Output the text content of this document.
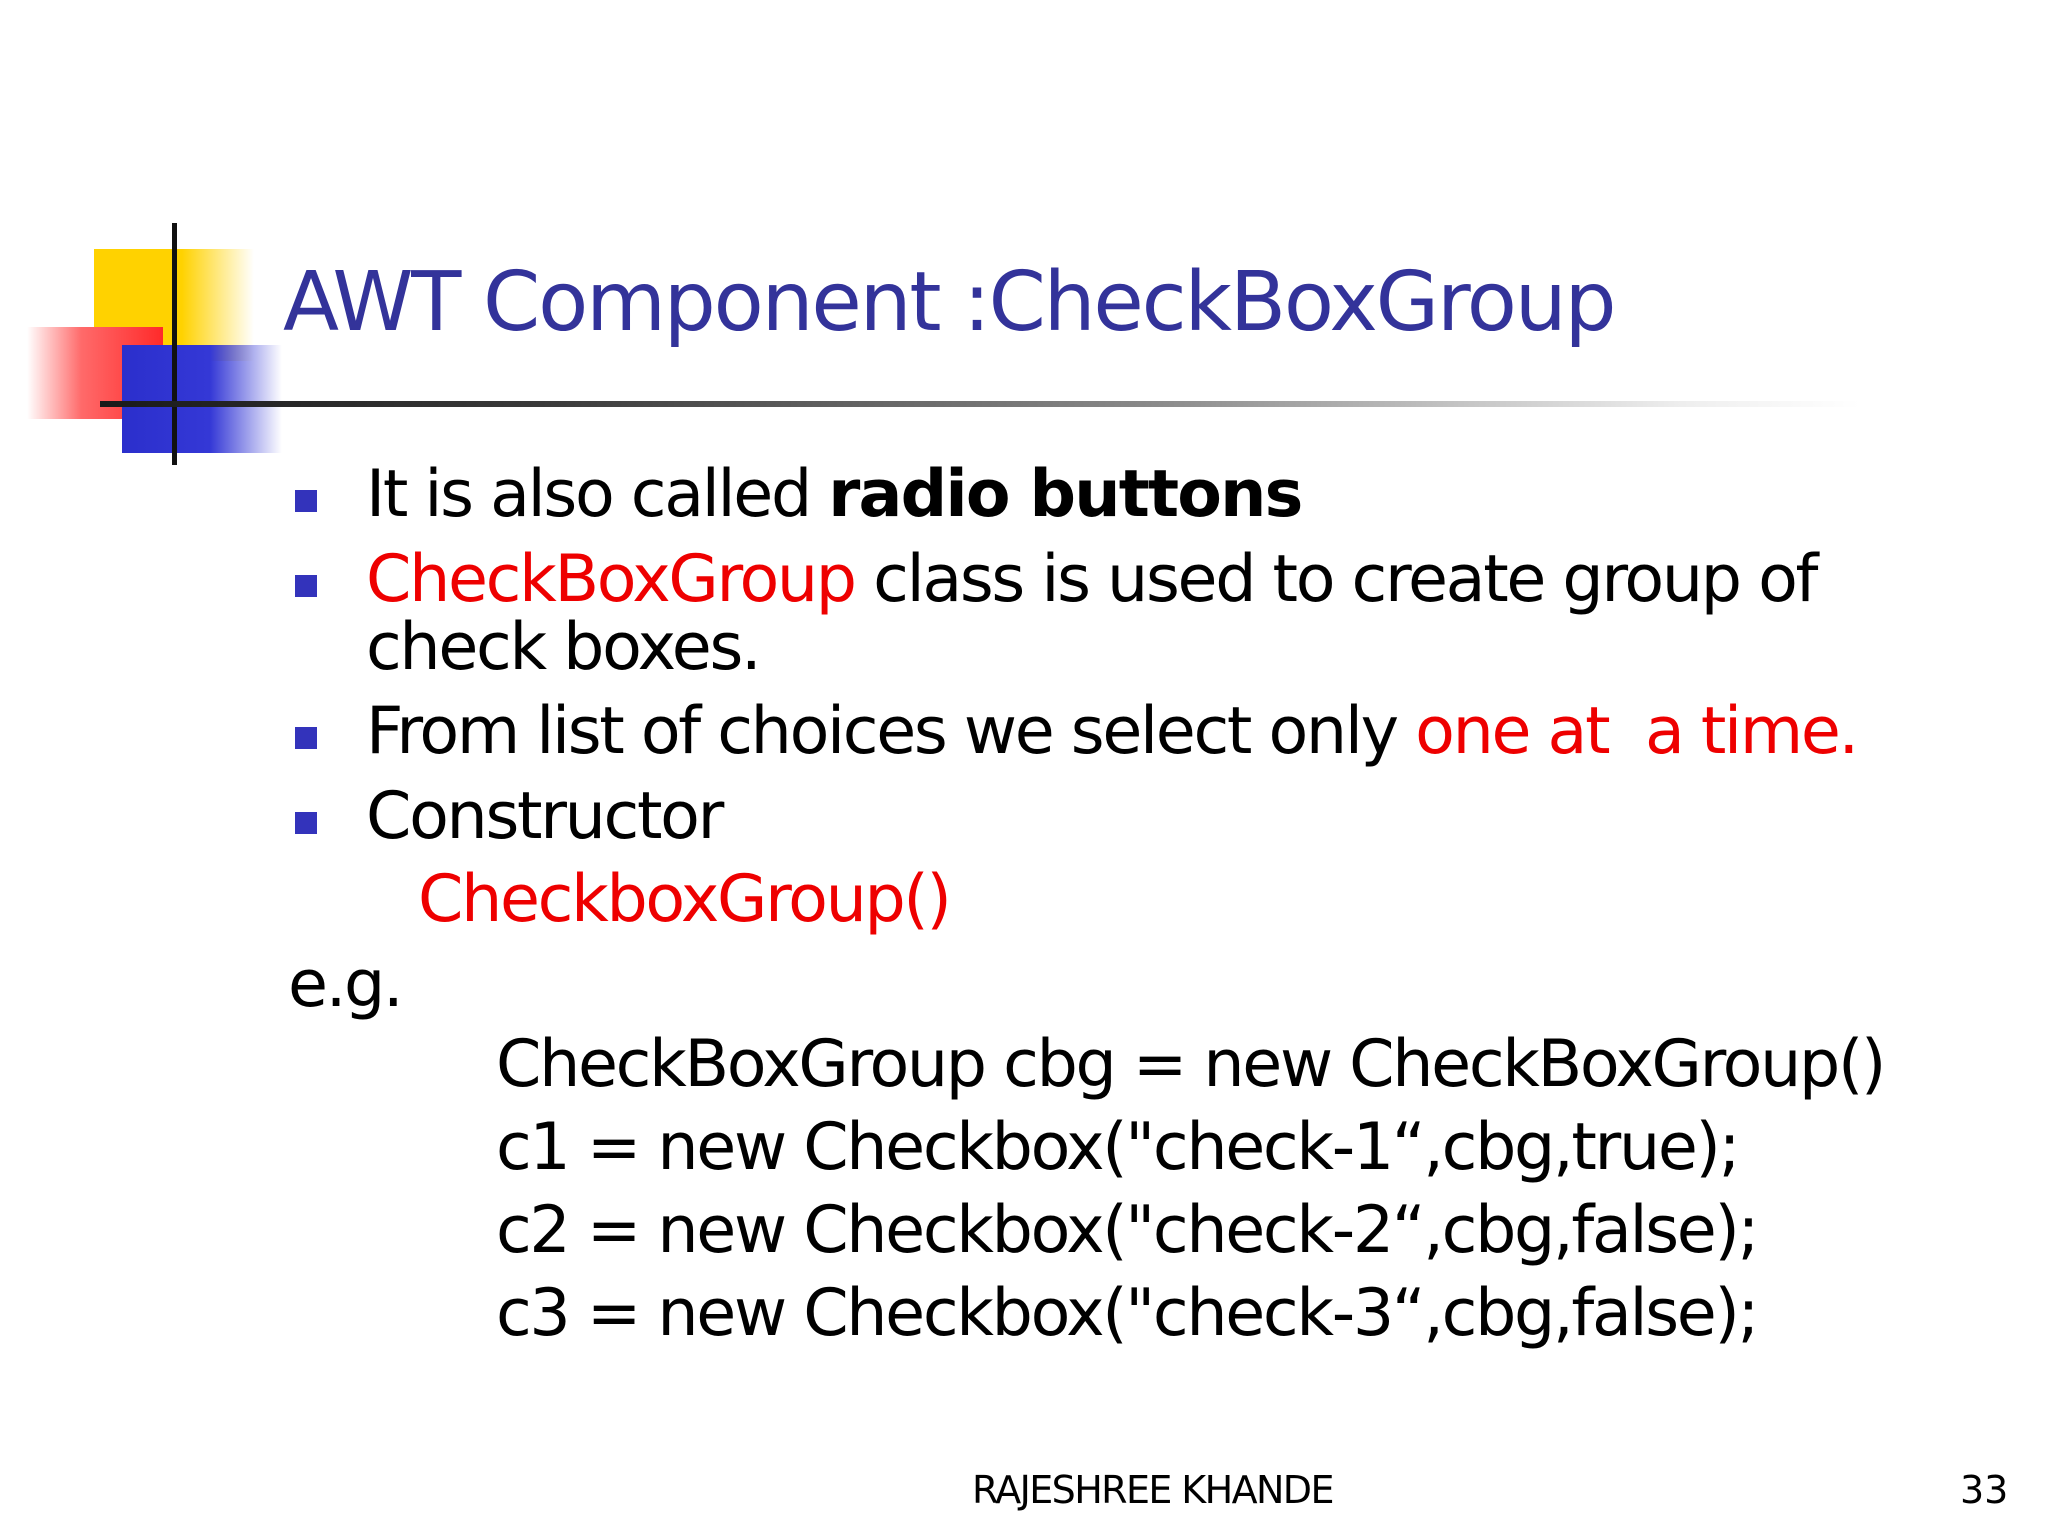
AWT Component :CheckBoxGroup
It is also called radio buttons
CheckBoxGroup class is used to create group of
check boxes.
From list of choices we select only one at  a time.
Constructor
CheckboxGroup()
e.g.
CheckBoxGroup cbg = new CheckBoxGroup()
c1 = new Checkbox("check-1“,cbg,true);
c2 = new Checkbox("check-2“,cbg,false);
c3 = new Checkbox("check-3“,cbg,false);
RAJESHREE KHANDE	33
